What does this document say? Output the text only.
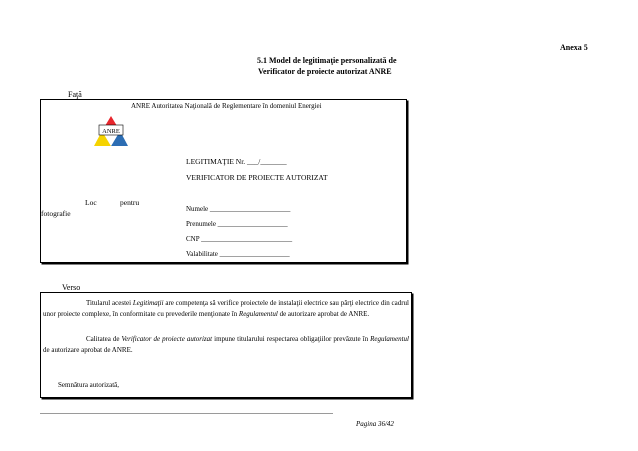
Anexa 5
5.1 Model de legitimaţie personalizată de
Verificator de proiecte autorizat ANRE
Faţă
ANRE Autoritatea Naţională de Reglementare în domeniul Energiei
ANRE
LEGITIMAŢIE Nr. ___/_______
VERIFICATOR DE PROIECTE AUTORIZAT
Loc	pentru
fotografie	Numele _______________________
Prenumele ____________________
CNP __________________________
Valabilitate ____________________
Verso
Titularul acestei Legitimaţii are competenţa să verifice proiectele de instalaţii electrice sau părţi electrice din cadrul unor proiecte complexe, în conformitate cu prevederile menţionate în Regulamentul de autorizare aprobat de ANRE.
Calitatea de Verificator de proiecte autorizat impune titularului respectarea obligaţiilor prevăzute în Regulamentul de autorizare aprobat de ANRE.
Semnătura autorizată,
Pagina 36/42
